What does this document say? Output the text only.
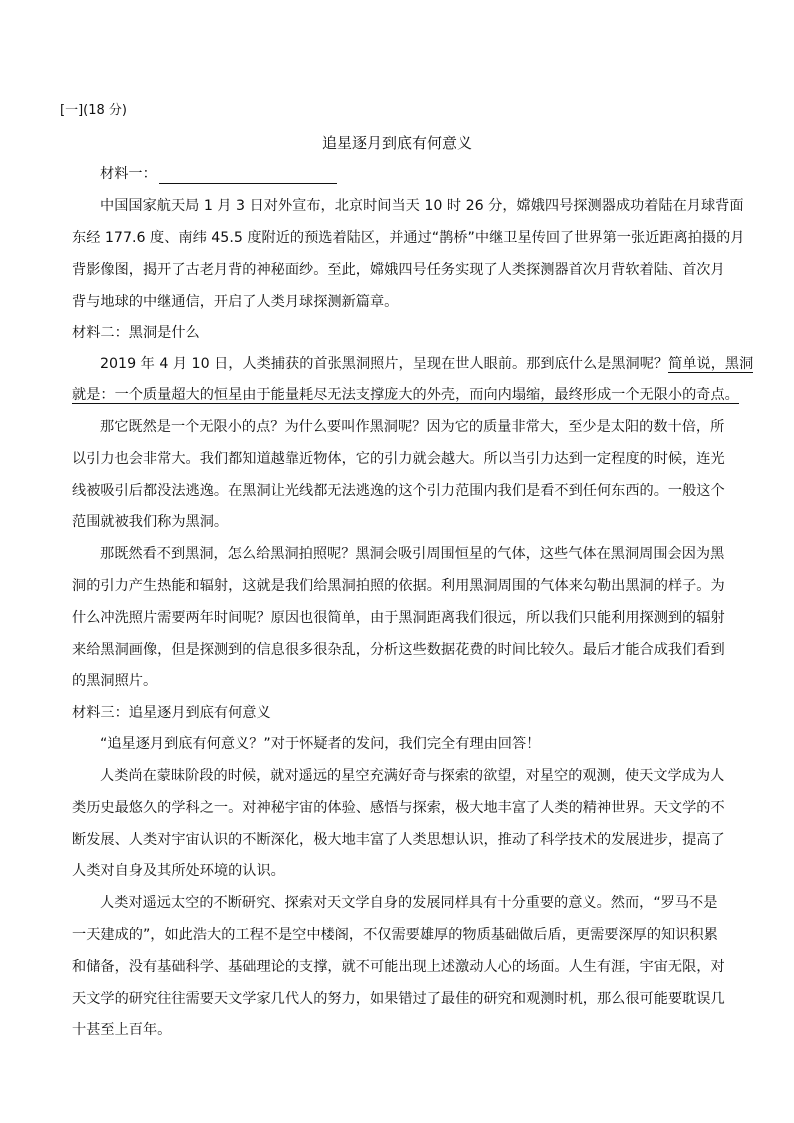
[一](18 分)
追星逐月到底有何意义
材料一：
中国国家航天局 1 月 3 日对外宣布，北京时间当天 10 时 26 分，嫦娥四号探测器成功着陆在月球背面
东经 177.6 度、南纬 45.5 度附近的预选着陆区，并通过“鹊桥”中继卫星传回了世界第一张近距离拍摄的月
背影像图，揭开了古老月背的神秘面纱。至此，嫦娥四号任务实现了人类探测器首次月背软着陆、首次月
背与地球的中继通信，开启了人类月球探测新篇章。
材料二：黑洞是什么
2019 年 4 月 10 日，人类捕获的首张黑洞照片，呈现在世人眼前。那到底什么是黑洞呢？简单说，黑洞
就是：一个质量超大的恒星由于能量耗尽无法支撑庞大的外壳，而向内塌缩，最终形成一个无限小的奇点。
那它既然是一个无限小的点？为什么要叫作黑洞呢？因为它的质量非常大，至少是太阳的数十倍，所
以引力也会非常大。我们都知道越靠近物体，它的引力就会越大。所以当引力达到一定程度的时候，连光
线被吸引后都没法逃逸。在黑洞让光线都无法逃逸的这个引力范围内我们是看不到任何东西的。一般这个
范围就被我们称为黑洞。
那既然看不到黑洞，怎么给黑洞拍照呢？黑洞会吸引周围恒星的气体，这些气体在黑洞周围会因为黑
洞的引力产生热能和辐射，这就是我们给黑洞拍照的依据。利用黑洞周围的气体来勾勒出黑洞的样子。为
什么冲洗照片需要两年时间呢？原因也很简单，由于黑洞距离我们很远，所以我们只能利用探测到的辐射
来给黑洞画像，但是探测到的信息很多很杂乱，分析这些数据花费的时间比较久。最后才能合成我们看到
的黑洞照片。
材料三：追星逐月到底有何意义
“追星逐月到底有何意义？”对于怀疑者的发问，我们完全有理由回答！
人类尚在蒙昧阶段的时候，就对遥远的星空充满好奇与探索的欲望，对星空的观测，使天文学成为人
类历史最悠久的学科之一。对神秘宇宙的体验、感悟与探索，极大地丰富了人类的精神世界。天文学的不
断发展、人类对宇宙认识的不断深化，极大地丰富了人类思想认识，推动了科学技术的发展进步，提高了
人类对自身及其所处环境的认识。
人类对遥远太空的不断研究、探索对天文学自身的发展同样具有十分重要的意义。然而，“罗马不是
一天建成的”，如此浩大的工程不是空中楼阁，不仅需要雄厚的物质基础做后盾，更需要深厚的知识积累
和储备，没有基础科学、基础理论的支撑，就不可能出现上述激动人心的场面。人生有涯，宇宙无限，对
天文学的研究往往需要天文学家几代人的努力，如果错过了最佳的研究和观测时机，那么很可能要耽误几
十甚至上百年。
